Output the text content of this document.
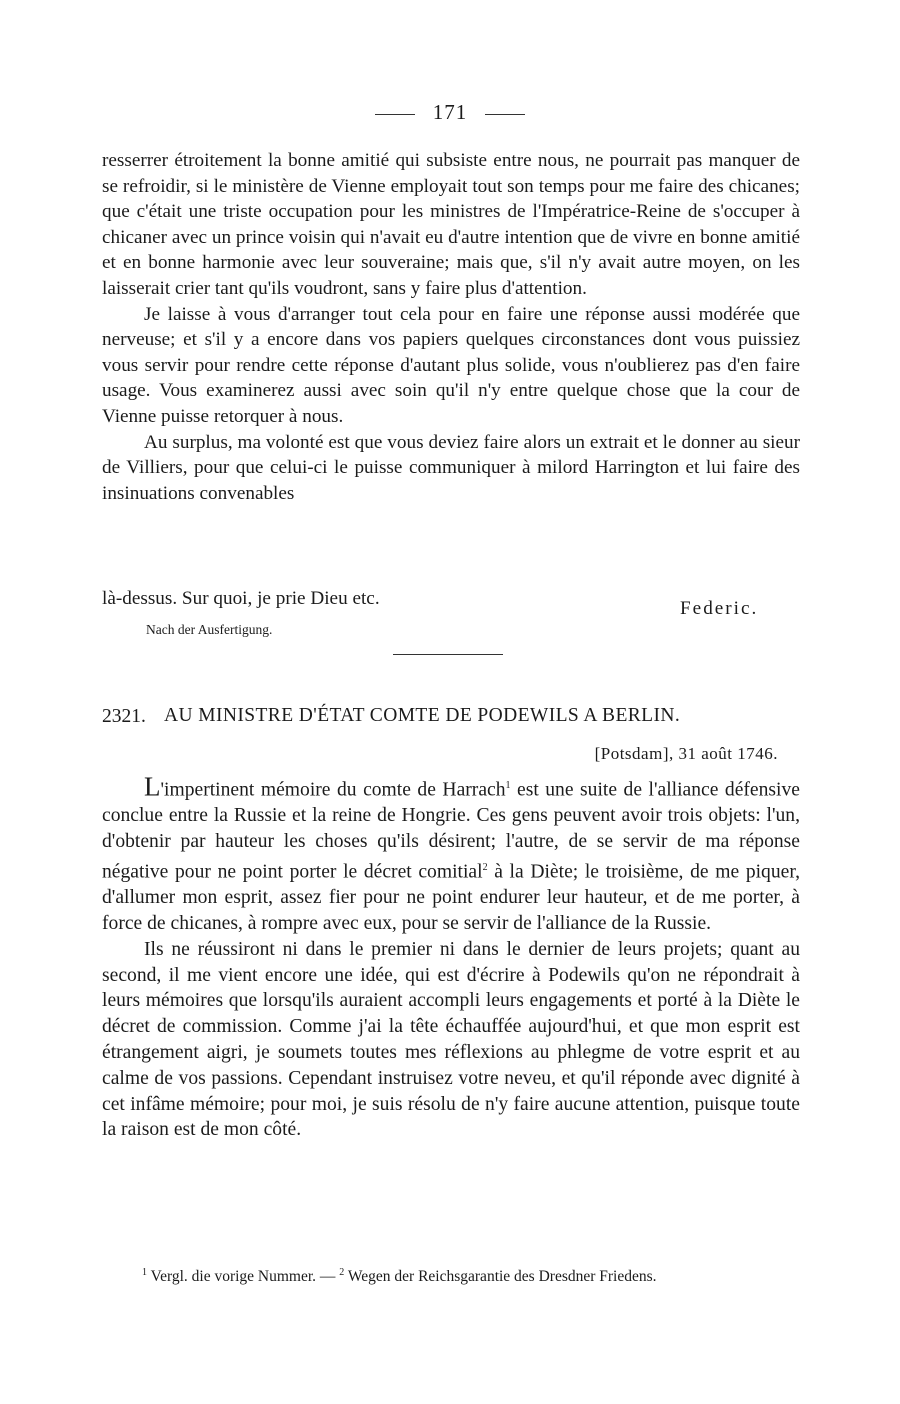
171

resserrer étroitement la bonne amitié qui subsiste entre nous, ne pourrait pas manquer de se refroidir, si le ministère de Vienne employait tout son temps pour me faire des chicanes; que c'était une triste occupation pour les ministres de l'Impératrice-Reine de s'occuper à chicaner avec un prince voisin qui n'avait eu d'autre intention que de vivre en bonne amitié et en bonne harmonie avec leur souveraine; mais que, s'il n'y avait autre moyen, on les laisserait crier tant qu'ils voudront, sans y faire plus d'attention.

Je laisse à vous d'arranger tout cela pour en faire une réponse aussi modérée que nerveuse; et s'il y a encore dans vos papiers quelques circonstances dont vous puissiez vous servir pour rendre cette réponse d'autant plus solide, vous n'oublierez pas d'en faire usage. Vous examinerez aussi avec soin qu'il n'y entre quelque chose que la cour de Vienne puisse retorquer à nous.

Au surplus, ma volonté est que vous deviez faire alors un extrait et le donner au sieur de Villiers, pour que celui-ci le puisse communiquer à milord Harrington et lui faire des insinuations convenables

là-dessus. Sur quoi, je prie Dieu etc.	Federic.
Nach der Ausfertigung.
2321. AU MINISTRE D'ÉTAT COMTE DE PODEWILS A BERLIN.
[Potsdam], 31 août 1746.

L'impertinent mémoire du comte de Harrach$^1$ est une suite de l'alliance défensive conclue entre la Russie et la reine de Hongrie. Ces gens peuvent avoir trois objets: l'un, d'obtenir par hauteur les choses qu'ils désirent; l'autre, de se servir de ma réponse négative pour ne point porter le décret comitial$^2$ à la Diète; le troisième, de me piquer, d'allumer mon esprit, assez fier pour ne point endurer leur hauteur, et de me porter, à force de chicanes, à rompre avec eux, pour se servir de l'alliance de la Russie.

Ils ne réussiront ni dans le premier ni dans le dernier de leurs projets; quant au second, il me vient encore une idée, qui est d'écrire à Podewils qu'on ne répondrait à leurs mémoires que lorsqu'ils auraient accompli leurs engagements et porté à la Diète le décret de commission. Comme j'ai la tête échauffée aujourd'hui, et que mon esprit est étrangement aigri, je soumets toutes mes réflexions au phlegme de votre esprit et au calme de vos passions. Cependant instruisez votre neveu, et qu'il réponde avec dignité à cet infâme mémoire; pour moi, je suis résolu de n'y faire aucune attention, puisque toute la raison est de mon côté.

$^1$ Vergl. die vorige Nummer. — $^2$ Wegen der Reichsgarantie des Dresdner Friedens.
